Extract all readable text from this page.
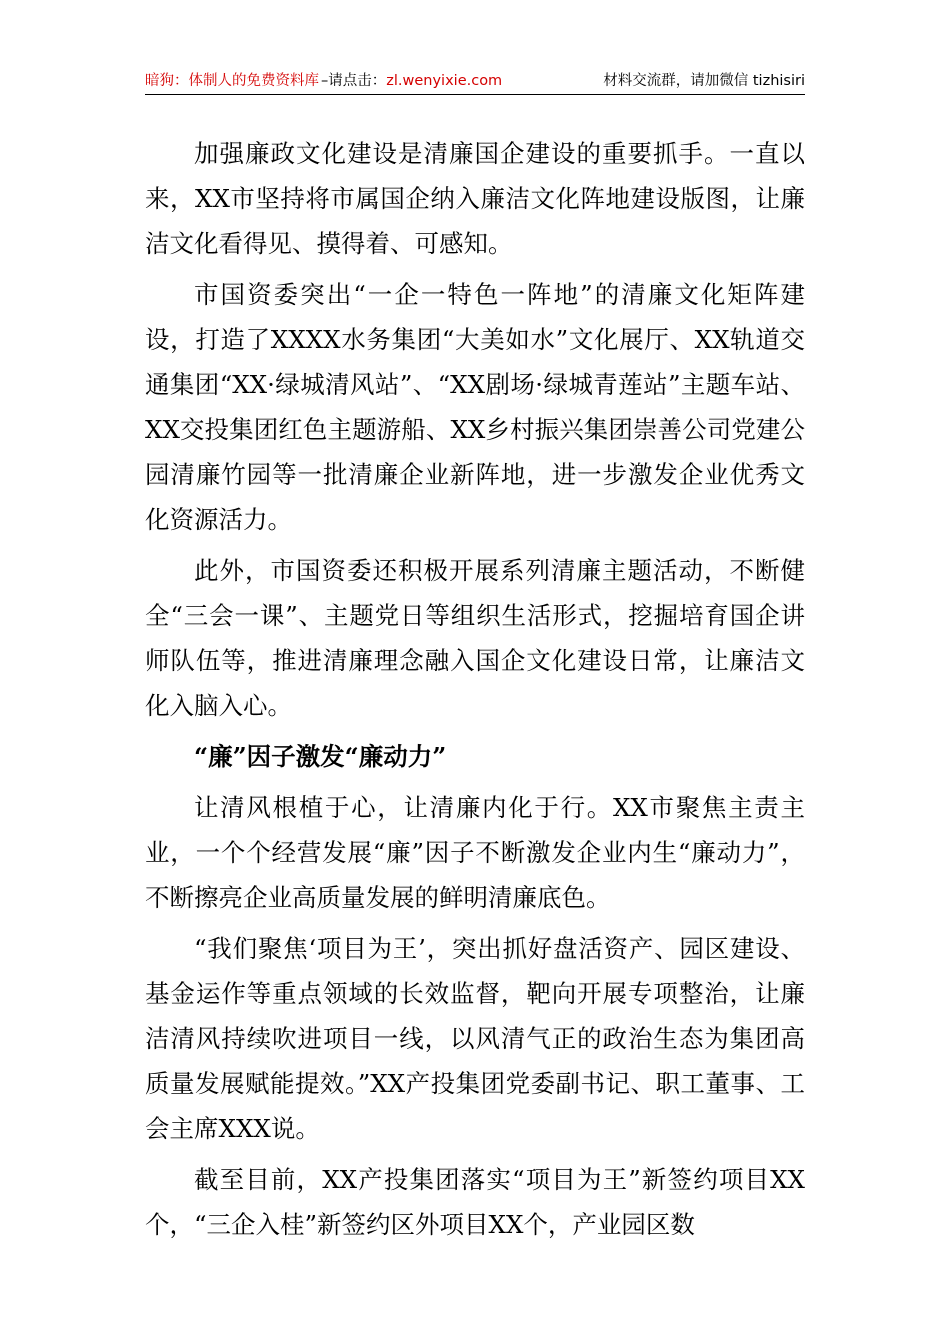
暗狗：体制人的免费资料库 –请点击：zl.wenyixie.com	材料交流群，请加微信 tizhisiri

加强廉政文化建设是清廉国企建设的重要抓手。一直以来，XX市坚持将市属国企纳入廉洁文化阵地建设版图，让廉洁文化看得见、摸得着、可感知。

市国资委突出“一企一特色一阵地”的清廉文化矩阵建设，打造了XXXX水务集团“大美如水”文化展厅、XX轨道交通集团“XX·绿城清风站”、“XX剧场·绿城青莲站”主题车站、XX交投集团红色主题游船、XX乡村振兴集团崇善公司党建公园清廉竹园等一批清廉企业新阵地，进一步激发企业优秀文化资源活力。

此外，市国资委还积极开展系列清廉主题活动，不断健全“三会一课”、主题党日等组织生活形式，挖掘培育国企讲师队伍等，推进清廉理念融入国企文化建设日常，让廉洁文化入脑入心。

“廉”因子激发“廉动力”

让清风根植于心，让清廉内化于行。XX市聚焦主责主业，一个个经营发展“廉”因子不断激发企业内生“廉动力”，不断擦亮企业高质量发展的鲜明清廉底色。

“我们聚焦‘项目为王’，突出抓好盘活资产、园区建设、基金运作等重点领域的长效监督，靶向开展专项整治，让廉洁清风持续吹进项目一线，以风清气正的政治生态为集团高质量发展赋能提效。”XX产投集团党委副书记、职工董事、工会主席XXX说。

截至目前，XX产投集团落实“项目为王”新签约项目XX个，“三企入桂”新签约区外项目XX个，产业园区数
